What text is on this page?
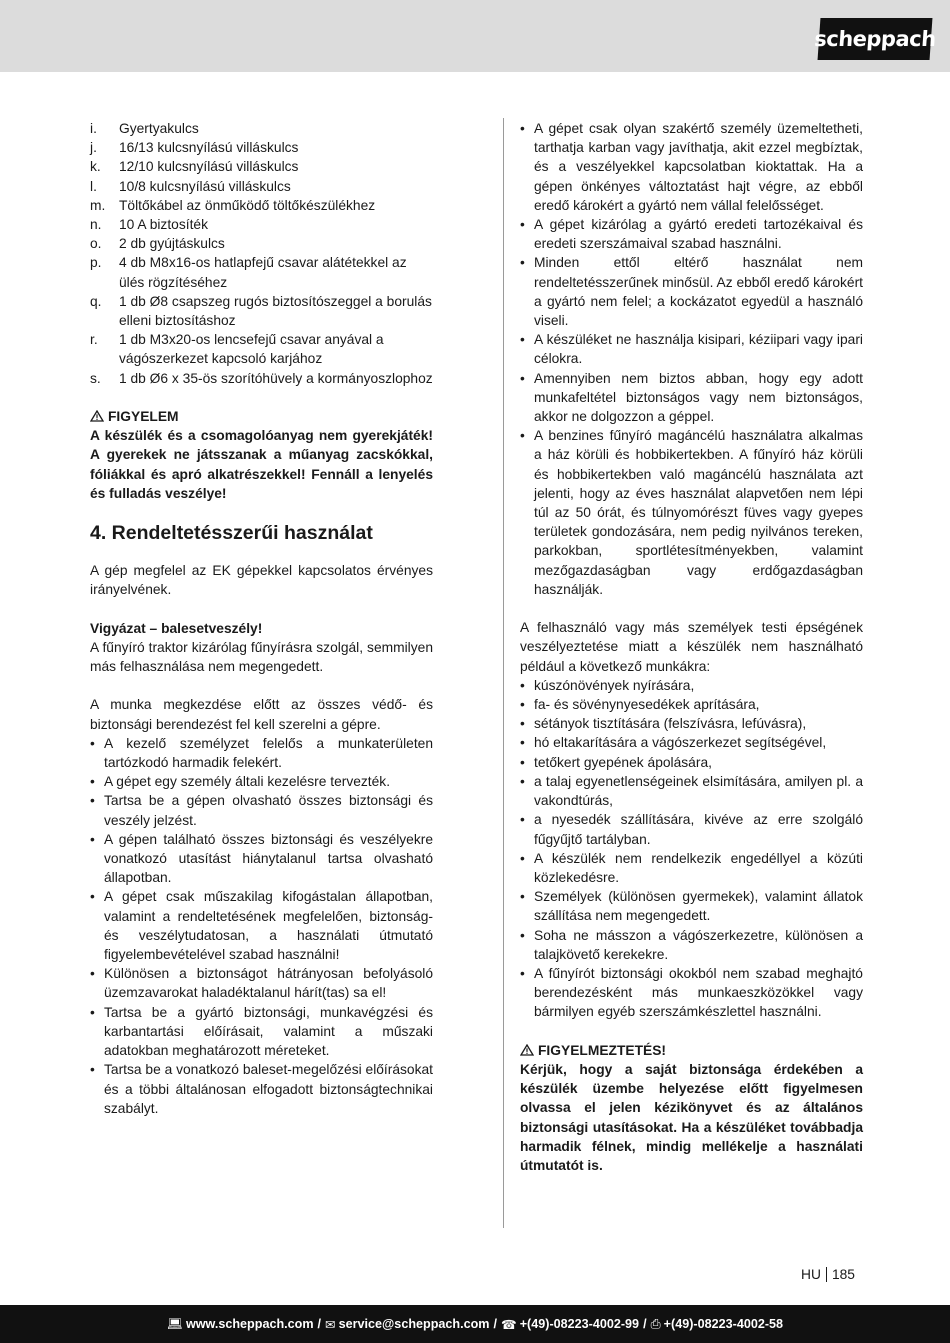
scheppach
i.	Gyertyakulcs
j.	16/13 kulcsnyílású villáskulcs
k.	12/10 kulcsnyílású villáskulcs
l.	10/8 kulcsnyílású villáskulcs
m. Töltőkábel az önműködő töltőkészülékhez
n.	10 A biztosíték
o.	2 db gyújtáskulcs
p.	4 db M8x16-os hatlapfejű csavar alátétekkel az ülés rögzítéséhez
q.	1 db Ø8 csapszeg rugós biztosítószeggel a borulás elleni biztosításhoz
r.	1 db M3x20-os lencsefejű csavar anyával a vágószerkezet kapcsoló karjához
s.	1 db Ø6 x 35-ös szorítóhüvely a kormányoszlophoz

FIGYELEM

A készülék és a csomagolóanyag nem gyerekjáték! A gyerekek ne játsszanak a műanyag zacskókkal, fóliákkal és apró alkatrészekkel! Fennáll a lenyelés és fulladás veszélye!

4. Rendeltetésszerűi használat

A gép megfelel az EK gépekkel kapcsolatos érvényes irányelvének.

Vigyázat – balesetveszély!

A fűnyíró traktor kizárólag fűnyírásra szolgál, semmilyen más felhasználása nem megengedett.

A munka megkezdése előtt az összes védő- és biztonsági berendezést fel kell szerelni a gépre.

• A kezelő személyzet felelős a munkaterületen tartózkodó harmadik felekért.
• A gépet egy személy általi kezelésre tervezték.
• Tartsa be a gépen olvasható összes biztonsági és veszély jelzést.
• A gépen található összes biztonsági és veszélyekre vonatkozó utasítást hiánytalanul tartsa olvasható állapotban.
• A gépet csak műszakilag kifogástalan állapotban, valamint a rendeltetésének megfelelően, biztonság- és veszélytudatosan, a használati útmutató figyelembevételével szabad használni!
• Különösen a biztonságot hátrányosan befolyásoló üzemzavarokat haladéktalanul hárít(tas) sa el!
• Tartsa be a gyártó biztonsági, munkavégzési és karbantartási előírásait, valamint a műszaki adatokban meghatározott méreteket.
• Tartsa be a vonatkozó baleset-megelőzési előírásokat és a többi általánosan elfogadott biztonságtechnikai szabályt.
• A gépet csak olyan szakértő személy üzemeltetheti, tarthatja karban vagy javíthatja, akit ezzel megbíztak, és a veszélyekkel kapcsolatban kioktattak. Ha a gépen önkényes változtatást hajt végre, az ebből eredő károkért a gyártó nem vállal felelősséget.
• A gépet kizárólag a gyártó eredeti tartozékaival és eredeti szerszámaival szabad használni.
• Minden ettől eltérő használat nem rendeltetésszerűnek minősül. Az ebből eredő károkért a gyártó nem felel; a kockázatot egyedül a használó viseli.
• A készüléket ne használja kisipari, kéziipari vagy ipari célokra.
• Amennyiben nem biztos abban, hogy egy adott munkafeltétel biztonságos vagy nem biztonságos, akkor ne dolgozzon a géppel.
• A benzines fűnyíró magáncélú használatra alkalmas a ház körüli és hobbikertekben. A fűnyíró ház körüli és hobbikertekben való magáncélú használata azt jelenti, hogy az éves használat alapvetően nem lépi túl az 50 órát, és túlnyomórészt füves vagy gyepes területek gondozására, nem pedig nyilvános tereken, parkokban, sportlétesítményekben, valamint mezőgazdaságban vagy erdőgazdaságban használják.

A felhasználó vagy más személyek testi épségének veszélyeztetése miatt a készülék nem használható például a következő munkákra:

• kúszónövények nyírására,
• fa- és sövénynyesedékek aprítására,
• sétányok tisztítására (felszívásra, lefúvásra),
• hó eltakarítására a vágószerkezet segítségével,
• tetőkert gyepének ápolására,
• a talaj egyenetlenségeinek elsimítására, amilyen pl. a vakondtúrás,
• a nyesedék szállítására, kivéve az erre szolgáló fűgyűjtő tartályban.
• A készülék nem rendelkezik engedéllyel a közúti közlekedésre.
• Személyek (különösen gyermekek), valamint állatok szállítása nem megengedett.
• Soha ne másszon a vágószerkezetre, különösen a talajkövető kerekekre.
• A fűnyírót biztonsági okokból nem szabad meghajtó berendezésként más munkaeszközökkel vagy bármilyen egyéb szerszámkészlettel használni.

FIGYELMEZTETÉS!

Kérjük, hogy a saját biztonsága érdekében a készülék üzembe helyezése előtt figyelmesen olvassa el jelen kézikönyvet és az általános biztonsági utasításokat. Ha a készüléket továbbadja harmadik félnek, mindig mellékelje a használati útmutatót is.

HU 185
💻︎ www.scheppach.com / ✉︎ service@scheppach.com / ☎︎ +(49)-08223-4002-99 / ⎙︎ +(49)-08223-4002-58
